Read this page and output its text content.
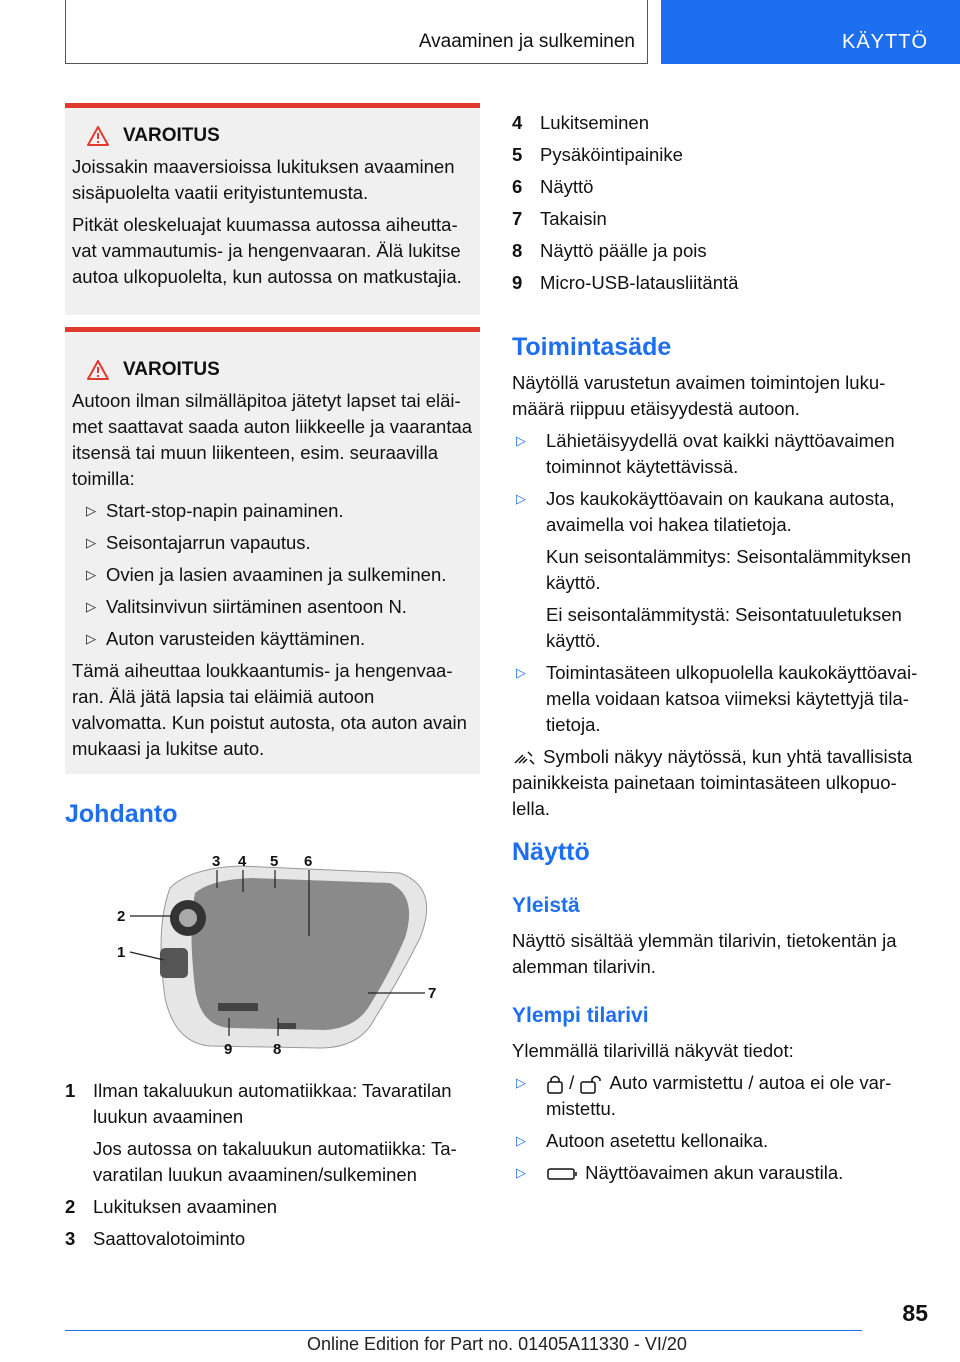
Avaaminen ja sulkeminen	KÄYTTÖ
VAROITUS

Joissakin maaversioissa lukituksen avaaminen sisäpuolelta vaatii erityistuntemusta.

Pitkät oleskeluajat kuumassa autossa aiheutta-vat vammautumis- ja hengenvaaran. Älä lukitse autoa ulkopuolelta, kun autossa on matkustajia.

VAROITUS

Autoon ilman silmälläpitoa jätetyt lapset tai eläi-met saattavat saada auton liikkeelle ja vaarantaa itsensä tai muun liikenteen, esim. seuraavilla toimilla:

▷ Start-stop-napin painaminen.
▷ Seisontajarrun vapautus.
▷ Ovien ja lasien avaaminen ja sulkeminen.
▷ Valitsinvivun siirtäminen asentoon N.
▷ Auton varusteiden käyttäminen.

Tämä aiheuttaa loukkaantumis- ja hengenvaa-ran. Älä jätä lapsia tai eläimiä autoon valvomatta. Kun poistut autosta, ota auton avain mukaasi ja lukitse auto.

Johdanto
3 4 5 6
2
1
7
9	8
1 Ilman takaluukun automatiikkaa: Tavaratilan luukun avaaminen
Jos autossa on takaluukun automatiikka: Ta-varatilan luukun avaaminen/sulkeminen
2 Lukituksen avaaminen
3 Saattovalotoiminto
4 Lukitseminen
5 Pysäköintipainike
6 Näyttö
7 Takaisin
8 Näyttö päälle ja pois
9 Micro-USB-latausliitäntä
Toimintasäde

Näytöllä varustetun avaimen toimintojen luku-määrä riippuu etäisyydestä autoon.

▷	Lähietäisyydellä ovat kaikki näyttöavaimen toiminnot käytettävissä.
▷	Jos kaukokäyttöavain on kaukana autosta, avaimella voi hakea tilatietoja.
Kun seisontalämmitys: Seisontalämmityksen käyttö.
Ei seisontalämmitystä: Seisontatuuletuksen käyttö.
▷	Toimintasäteen ulkopuolella kaukokäyttöavai-mella voidaan katsoa viimeksi käytettyjä tila-tietoja.

Symboli näkyy näytössä, kun yhtä tavallisista painikkeista painetaan toimintasäteen ulkopuo-lella.

Näyttö
Yleistä

Näyttö sisältää ylemmän tilarivin, tietokentän ja alemman tilarivin.

Ylempi tilarivi

Ylemmällä tilarivillä näkyvät tiedot:

▷	/ Auto varmistettu / autoa ei ole var-mistettu.
▷	Autoon asetettu kellonaika.
▷	Näyttöavaimen akun varaustila.
85
Online Edition for Part no. 01405A11330 - VI/20
